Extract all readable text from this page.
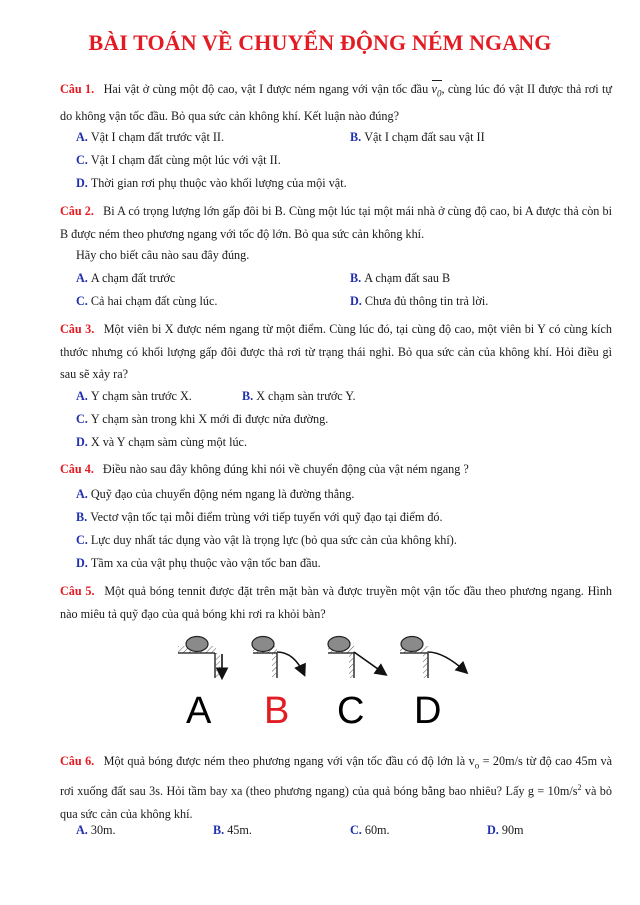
BÀI TOÁN VỀ CHUYỂN ĐỘNG NÉM NGANG
Câu 1. Hai vật ở cùng một độ cao, vật I được ném ngang với vận tốc đầu $v_0$, cùng lúc đó vật II được thả rơi tự do không vận tốc đầu. Bỏ qua sức cản không khí. Kết luận nào đúng?
A. Vật I chạm đất trước vật II.	B. Vật I chạm đất sau vật II
C. Vật I chạm đất cùng một lúc với vật II.
D. Thời gian rơi phụ thuộc vào khối lượng của mội vật.
Câu 2. Bi A có trọng lượng lớn gấp đôi bi B. Cùng một lúc tại một mái nhà ở cùng độ cao, bi A được thả còn bi B được ném theo phương ngang với tốc độ lớn. Bỏ qua sức cản không khí.
Hãy cho biết câu nào sau đây đúng.
A. A chạm đất trước	B. A chạm đất sau B
C. Cả hai chạm đất cùng lúc.	D. Chưa đủ thông tin trả lời.
Câu 3. Một viên bi X được ném ngang từ một điểm. Cùng lúc đó, tại cùng độ cao, một viên bi Y có cùng kích thước nhưng có khối lượng gấp đôi được thả rơi từ trạng thái nghỉ. Bỏ qua sức cản của không khí. Hỏi điều gì sau sẽ xảy ra?
A. Y chạm sàn trước X.	B. X chạm sàn trước Y.
C. Y chạm sàn trong khi X mới đi được nửa đường.
D. X và Y chạm sàm cùng một lúc.
Câu 4. Điều nào sau đây không đúng khi nói về chuyển động của vật ném ngang ?
A. Quỹ đạo của chuyển động ném ngang là đường thẳng.
B. Vectơ vận tốc tại mỗi điểm trùng với tiếp tuyến với quỹ đạo tại điểm đó.
C. Lực duy nhất tác dụng vào vật là trọng lực (bỏ qua sức cản của không khí).
D. Tầm xa của vật phụ thuộc vào vận tốc ban đầu.
Câu 5. Một quả bóng tennit được đặt trên mặt bàn và được truyền một vận tốc đầu theo phương ngang. Hình nào miêu tả quỹ đạo của quả bóng khi rơi ra khỏi bàn?
A B C D
Câu 6. Một quả bóng được ném theo phương ngang với vận tốc đầu có độ lớn là $v_o = 20m/s$ từ độ cao 45m và rơi xuống đất sau 3s. Hỏi tầm bay xa (theo phương ngang) của quả bóng bằng bao nhiêu? Lấy $g = 10m/s^2$ và bỏ qua sức cản của không khí.
A. 30m.	B. 45m.	C. 60m.	D. 90m
